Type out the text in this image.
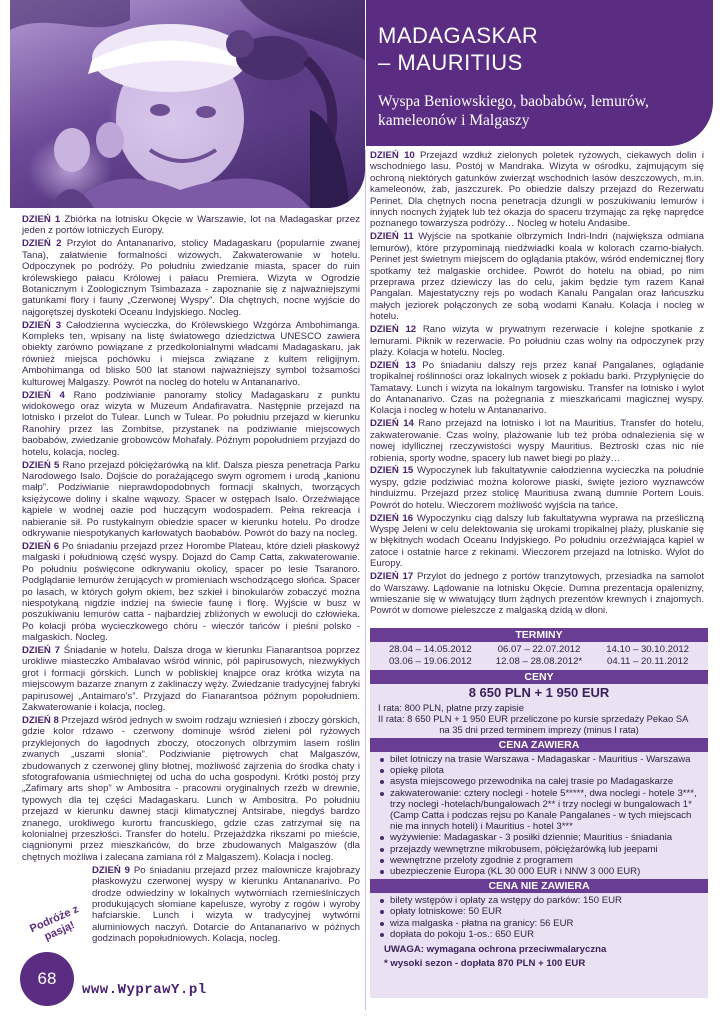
MADAGASKAR
– MAURITIUS
Wyspa Beniowskiego, baobabów, lemurów, kameleonów i Malgaszy

DZIEŃ 1 Zbiórka na lotnisku Okęcie w Warszawie, lot na Madagaskar przez jeden z portów lotniczych Europy.

DZIEŃ 2 Przylot do Antananarivo, stolicy Madagaskaru (popularnie zwanej Tana), załatwienie formalności wizowych. Zakwaterowanie w hotelu. Odpoczynek po podróży. Po południu zwiedzanie miasta, spacer do ruin królewskiego pałacu Królowej i pałacu Premiera. Wizyta w Ogrodzie Botanicznym i Zoologicznym Tsimbazaza - zapoznanie się z najważniejszymi gatunkami flory i fauny „Czerwonej Wyspy”. Dla chętnych, nocne wyjście do najgorętszej dyskoteki Oceanu Indyjskiego. Nocleg.

DZIEŃ 3 Całodzienna wycieczka, do Królewskiego Wzgórza Ambohimanga. Kompleks ten, wpisany na listę światowego dziedzictwa UNESCO zawiera obiekty zarówno powiązane z przedkolonialnymi władcami Madagaskaru, jak również miejsca pochówku i miejsca związane z kultem religijnym. Ambohimanga od blisko 500 lat stanowi najważniejszy symbol tożsamości kulturowej Malgaszy. Powrót na nocleg do hotelu w Antananarivo.

DZIEŃ 4 Rano podziwianie panoramy stolicy Madagaskaru z punktu widokowego oraz wizyta w Muzeum Andafiravatra. Następnie przejazd na lotnisko i przelot do Tulear. Lunch w Tulear. Po południu przejazd w kierunku Ranohiry przez las Zombitse, przystanek na podziwianie miejscowych baobabów, zwiedzanie grobowców Mohafaly. Późnym popołudniem przyjazd do hotelu, kolacja, nocleg.

DZIEŃ 5 Rano przejazd półciężarówką na klif. Dalsza piesza penetracja Parku Narodowego Isalo. Dojście do porażającego swym ogromem i urodą „kanionu małp”. Podziwianie nieprawdopodobnych formacji skalnych, tworzących księżycowe doliny i skalne wąwozy. Spacer w ostępach Isalo. Orzeźwiające kąpiele w wodnej oazie pod huczącym wodospadem. Pełna rekreacja i nabieranie sił. Po rustykalnym obiedzie spacer w kierunku hotelu. Po drodze odkrywanie niespotykanych karłowatych baobabów. Powrót do bazy na nocleg.

DZIEŃ 6 Po śniadaniu przejazd przez Horombe Plateau, które dzieli płaskowyż malgaski i południową część wyspy. Dojazd do Camp Catta, zakwaterowanie. Po południu poświęcone odkrywaniu okolicy, spacer po lesie Tsaranoro. Podglądanie lemurów żerujących w promieniach wschodzącego słońca. Spacer po lasach, w których gołym okiem, bez szkieł i binokularów zobaczyć można niespotykaną nigdzie indziej na świecie faunę i florę. Wyjście w busz w poszukiwaniu lemurów catta - najbardziej zbliżonych w ewolucji do człowieka. Po kolacji próba wycieczkowego chóru - wieczór tańców i pieśni polsko - malgaskich. Nocleg.

DZIEŃ 7 Śniadanie w hotelu. Dalsza droga w kierunku Fianarantsoa poprzez urokliwe miasteczko Ambalavao wśród winnic, pól papirusowych, niezwykłych grot i formacji górskich. Lunch w pobliskiej knajpce oraz krótka wizyta na miejscowym bazarze znanym z zaklinaczy węży. Zwiedzanie tradycyjnej fabryki papirusowej „Antaimaro's”. Przyjazd do Fianarantsoa późnym popołudniem. Zakwaterowanie i kolacja, nocleg.

DZIEŃ 8 Przejazd wśród jednych w swoim rodzaju wzniesień i zboczy górskich, gdzie kolor rdzawo - czerwony dominuje wśród zieleni pól ryżowych przyklejonych do łagodnych zboczy, otoczonych olbrzymim lasem roślin zwanych „uszami słonia”. Podziwianie piętrowych chat Malgaszów, zbudowanych z czerwonej gliny błotnej, możliwość zajrzenia do środka chaty i sfotografowania uśmiechniętej od ucha do ucha gospodyni. Krótki postój przy „Zafimary arts shop” w Ambositra - pracowni oryginalnych rzeźb w drewnie, typowych dla tej części Madagaskaru. Lunch w Ambositra. Po południu przejazd w kierunku dawnej stacji klimatycznej Antsirabe, niegdyś bardzo znanego, urokliwego kurortu francuskiego, gdzie czas zatrzymał się na kolonialnej przeszłości. Transfer do hotelu. Przejażdżka rikszami po mieście, ciągnionymi przez mieszkańców, do brze zbudowanych Malgaszów (dla chętnych możliwa i zalecana zamiana ról z Malgaszem). Kolacja i nocleg.

DZIEŃ 9 Po śniadaniu przejazd przez malownicze krajobrazy płaskowyżu czerwonej wyspy w kierunku Antananarivo. Po drodze odwiedziny w lokalnych wytwórniach rzemieślniczych produkujących słomiane kapelusze, wyroby z rogów i wyroby hafciarskie. Lunch i wizyta w tradycyjnej wytwórni aluminiowych naczyń. Dotarcie do Antananarivo w późnych godzinach popołudniowych. Kolacja, nocleg.

DZIEŃ 10 Przejazd wzdłuż zielonych poletek ryżowych, ciekawych dolin i wschodniego lasu. Postój w Mandraka. Wizyta w ośrodku, zajmującym się ochroną niektórych gatunków zwierząt wschodnich lasów deszczowych, m.in. kameleonów, żab, jaszczurek. Po obiedzie dalszy przejazd do Rezerwatu Perinet. Dla chętnych nocna penetracja dżungli w poszukiwaniu lemurów i innych nocnych żyjątek lub też okazja do spaceru trzymając za rękę naprędce poznanego towarzysza podróży… Nocleg w hotelu Andasibe.

DZIEŃ 11 Wyjście na spotkanie olbrzymich Indri-Indri (największa odmiana lemurów), które przypominają niedźwiadki koala w kolorach czarno-białych. Perinet jest świetnym miejscem do oglądania ptaków, wśród endemicznej flory spotkamy też malgaskie orchidee. Powrót do hotelu na obiad, po nim przeprawa przez dziewiczy las do celu, jakim będzie tym razem Kanał Pangalan. Majestatyczny rejs po wodach Kanalu Pangalan oraz łańcuszku małych jeziorek połączonych ze sobą wodami Kanału. Kolacja i nocleg w hotelu.

DZIEŃ 12 Rano wizyta w prywatnym rezerwacie i kolejne spotkanie z lemurami. Piknik w rezerwacie. Po południu czas wolny na odpoczynek przy plaży. Kolacja w hotelu. Nocleg.

DZIEŃ 13 Po śniadaniu dalszy rejs przez kanał Pangalanes, oglądanie tropikalnej roślinności oraz lokalnych wiosek z pokładu barki. Przypłynięcie do Tamatavy. Lunch i wizyta na lokalnym targowisku. Transfer na lotnisko i wylot do Antananarivo. Czas na pożegnania z mieszkańcami magicznej wyspy. Kolacja i nocleg w hotelu w Antananarivo.

DZIEŃ 14 Rano przejazd na lotnisko i lot na Mauritius. Transfer do hotelu, zakwaterowanie. Czas wolny, plażowanie lub też próba odnalezienia się w nowej idyllicznej rzeczywistości wyspy Mauritius. Beztroski czas nic nie robienia, sporty wodne, spacery lub nawet biegi po plaży…

DZIEŃ 15 Wypoczynek lub fakultatywnie całodzienna wycieczka na południe wyspy, gdzie podziwiać można kolorowe piaski, święte jezioro wyznawców hinduizmu. Przejazd przez stolicę Mauritiusa zwaną dumnie Portem Louis. Powrót do hotelu. Wieczorem możliwość wyjścia na tańce.

DZIEŃ 16 Wypoczynku ciąg dalszy lub fakultatywna wyprawa na prześliczną Wyspę Jeleni w celu delektowania się urokami tropikalnej plaży, pluskanie się w błękitnych wodach Oceanu Indyjskiego. Po południu orzeźwiająca kąpiel w zatoce i ostatnie harce z rekinami. Wieczorem przejazd na lotnisko. Wylot do Europy.

DZIEŃ 17 Przylot do jednego z portów tranzytowych, przesiadka na samolot do Warszawy. Lądowanie na lotnisku Okęcie. Dumna prezentacja opalenizny, wmieszanie się w wiwatujący tłum żądnych prezentów krewnych i znajomych. Powrót w domowe pieleszcze z malgaską dzidą w dłoni.

TERMINY
28.04 – 14.05.2012	06.07 – 22.07.2012	14.10 – 30.10.2012
03.06 – 19.06.2012	12.08 – 28.08.2012*	04.11 – 20.11.2012
CENY
8 650 PLN + 1 950 EUR
I rata: 800 PLN, płatne przy zapisie
II rata: 8 650 PLN + 1 950 EUR przeliczone po kursie sprzedaży Pekao SA
na 35 dni przed terminem imprezy (minus I rata)
CENA ZAWIERA
bilet lotniczy na trasie Warszawa - Madagaskar - Mauritius - Warszawa
opiekę pilota
asysta miejscowego przewodnika na całej trasie po Madagaskarze
zakwaterowanie: cztery noclegi - hotele 5*****, dwa noclegi - hotele 3***, trzy noclegi -hotelach/bungalowach 2** i trzy noclegi w bungalowach 1* (Camp Catta i podczas rejsu po Kanale Pangalanes - w tych miejscach nie ma innych hoteli) i Mauritius - hotel 3***
wyżywienie: Madagaskar - 3 posiłki dziennie; Mauritius - śniadania
przejazdy wewnętrzne mikrobusem, półciężarówką lub jeepami
wewnętrzne przeloty zgodnie z programem
ubezpieczenie Europa (KL 30 000 EUR i NNW 3 000 EUR)
CENA NIE ZAWIERA
bilety wstępów i opłaty za wstępy do parków: 150 EUR
opłaty lotniskowe: 50 EUR
wiza malgaska - płatna na granicy: 56 EUR
dopłata do pokoju 1-os.: 650 EUR
UWAGA: wymagana ochrona przeciwmalaryczna
* wysoki sezon - dopłata 870 PLN + 100 EUR
Podróże z pasją!
68
www.WyprawY.pl
